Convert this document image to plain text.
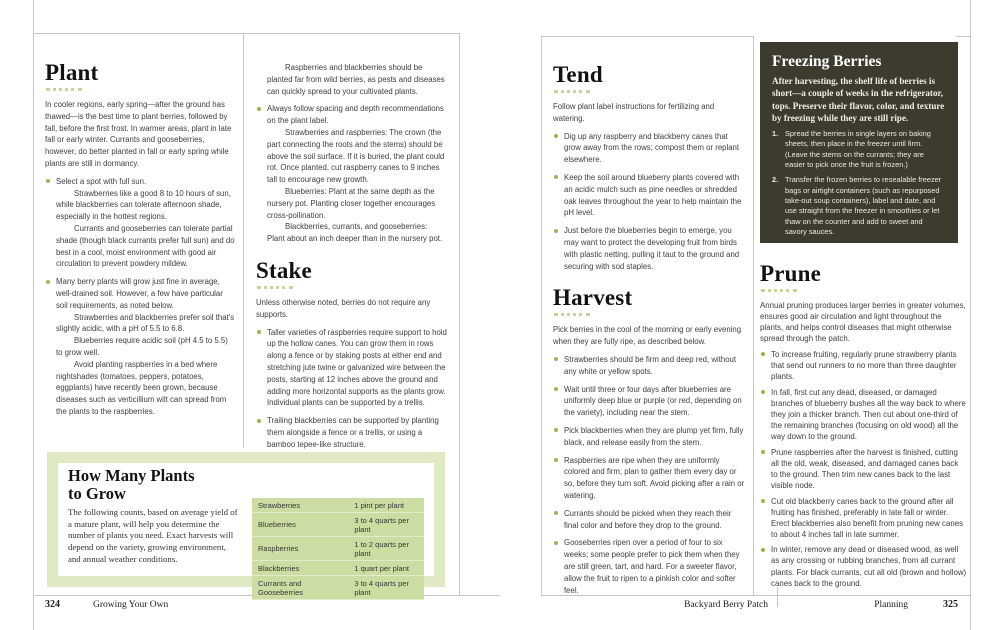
Plant
In cooler regions, early spring—after the ground has thawed—is the best time to plant berries, followed by fall, before the first frost. In warmer areas, plant in late fall or early winter. Currants and gooseberries, however, do better planted in fall or early spring while plants are still in dormancy.
Select a spot with full sun.
Strawberries like a good 8 to 10 hours of sun, while blackberries can tolerate afternoon shade, especially in the hottest regions.
Currants and gooseberries can tolerate partial shade (though black currants prefer full sun) and do best in a cool, moist environment with good air circulation to prevent powdery mildew.
Many berry plants will grow just fine in average, well-drained soil. However, a few have particular soil requirements, as noted below.
Strawberries and blackberries prefer soil that's slightly acidic, with a pH of 5.5 to 6.8.
Blueberries require acidic soil (pH 4.5 to 5.5) to grow well.
Avoid planting raspberries in a bed where nightshades (tomatoes, peppers, potatoes, eggplants) have recently been grown, because diseases such as verticillium wilt can spread from the plants to the raspberries.
Raspberries and blackberries should be planted far from wild berries, as pests and diseases can quickly spread to your cultivated plants.
Always follow spacing and depth recommendations on the plant label.
Strawberries and raspberries: The crown (the part connecting the roots and the stems) should be above the soil surface. If it is buried, the plant could rot. Once planted, cut raspberry canes to 9 inches tall to encourage new growth.
Blueberries: Plant at the same depth as the nursery pot. Planting closer together encourages cross-pollination.
Blackberries, currants, and gooseberries: Plant about an inch deeper than in the nursery pot.
Stake
Unless otherwise noted, berries do not require any supports.
Taller varieties of raspberries require support to hold up the hollow canes. You can grow them in rows along a fence or by staking posts at either end and stretching jute twine or galvanized wire between the posts, starting at 12 inches above the ground and adding more horizontal supports as the plants grow. Individual plants can be supported by a trellis.
Trailing blackberries can be supported by planting them alongside a fence or a trellis, or using a bamboo tepee-like structure.
How Many Plants
to Grow
The following counts, based on average yield of a mature plant, will help you determine the number of plants you need. Exact harvests will depend on the variety, growing environment, and annual weather conditions.
Strawberries	1 pint per plant
Blueberries	3 to 4 quarts per plant
Raspberries	1 to 2 quarts per plant
Blackberries	1 quart per plant
Currants and Gooseberries	3 to 4 quarts per plant
324	Growing Your Own
Tend
Follow plant label instructions for fertilizing and watering.
Dig up any raspberry and blackberry canes that grow away from the rows; compost them or replant elsewhere.
Keep the soil around blueberry plants covered with an acidic mulch such as pine needles or shredded oak leaves throughout the year to help maintain the pH level.
Just before the blueberries begin to emerge, you may want to protect the developing fruit from birds with plastic netting, pulling it taut to the ground and securing with sod staples.
Harvest
Pick berries in the cool of the morning or early evening when they are fully ripe, as described below.
Strawberries should be firm and deep red, without any white or yellow spots.
Wait until three or four days after blueberries are uniformly deep blue or purple (or red, depending on the variety), including near the stem.
Pick blackberries when they are plump yet firm, fully black, and release easily from the stem.
Raspberries are ripe when they are uniformly colored and firm; plan to gather them every day or so, before they turn soft. Avoid picking after a rain or watering.
Currants should be picked when they reach their final color and before they drop to the ground.
Gooseberries ripen over a period of four to six weeks; some people prefer to pick them when they are still green, tart, and hard. For a sweeter flavor, allow the fruit to ripen to a pinkish color and softer feel.
Freezing Berries
After harvesting, the shelf life of berries is short—a couple of weeks in the refrigerator, tops. Preserve their flavor, color, and texture by freezing while they are still ripe.
1. Spread the berries in single layers on baking sheets, then place in the freezer until firm. (Leave the stems on the currants; they are easier to pick once the fruit is frozen.)
2. Transfer the frozen berries to resealable freezer bags or airtight containers (such as repurposed take-out soup containers), label and date, and use straight from the freezer in smoothies or let thaw on the counter and add to sweet and savory sauces.
Prune
Annual pruning produces larger berries in greater volumes, ensures good air circulation and light throughout the plants, and helps control diseases that might otherwise spread through the patch.
To increase fruiting, regularly prune strawberry plants that send out runners to no more than three daughter plants.
In fall, first cut any dead, diseased, or damaged branches of blueberry bushes all the way back to where they join a thicker branch. Then cut about one-third of the remaining branches (focusing on old wood) all the way down to the ground.
Prune raspberries after the harvest is finished, cutting all the old, weak, diseased, and damaged canes back to the ground. Then trim new canes back to the last visible node.
Cut old blackberry canes back to the ground after all fruiting has finished, preferably in late fall or winter. Erect blackberries also benefit from pruning new canes to about 4 inches tall in late summer.
In winter, remove any dead or diseased wood, as well as any crossing or rubbing branches, from all currant plants. For black currants, cut all old (brown and hollow) canes back to the ground.
Backyard Berry Patch	Planning	325
